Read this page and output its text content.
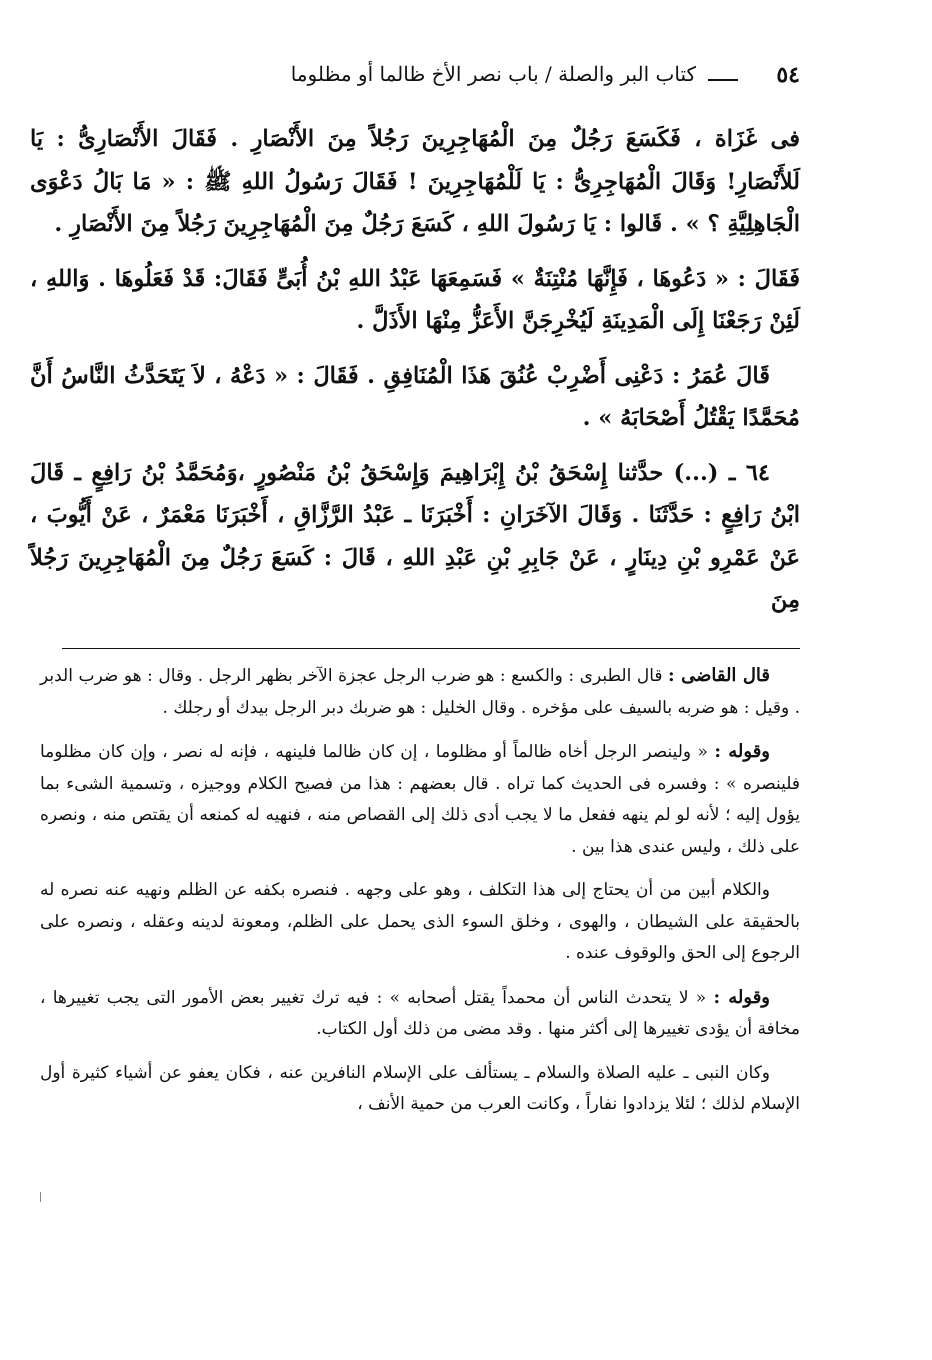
٥٤
كتاب البر والصلة / باب نصر الأخ ظالما أو مظلوما

فى غَزَاة ، فَكَسَعَ رَجُلٌ مِنَ الْمُهَاجِرِينَ رَجُلاً مِنَ الأَنْصَارِ . فَقَالَ الأَنْصَارِىُّ : يَا لَلأَنْصَارِ! وَقَالَ الْمُهَاجِرِىُّ : يَا لَلْمُهَاجِرِينَ ! فَقَالَ رَسُولُ اللهِ ﷺ : « مَا بَالُ دَعْوَى الْجَاهِلِيَّةِ ؟ » . قَالوا : يَا رَسُولَ اللهِ ، كَسَعَ رَجُلٌ مِنَ الْمُهَاجِرِينَ رَجُلاً مِنَ الأَنْصَارِ .

فَقَالَ : « دَعُوهَا ، فَإِنَّهَا مُنْتِنَةٌ » فَسَمِعَهَا عَبْدُ اللهِ بْنُ أُبَىٍّ فَقَالَ: قَدْ فَعَلُوهَا . وَاللهِ ، لَئِنْ رَجَعْنَا إِلَى الْمَدِينَةِ لَيُخْرِجَنَّ الأَعَزُّ مِنْهَا الأَذَلَّ .

قَالَ عُمَرُ : دَعْنِى أَضْرِبْ عُنُقَ هَذَا الْمُنَافِقِ . فَقَالَ : « دَعْهُ ، لاَ يَتَحَدَّثُ النَّاسُ أَنَّ مُحَمَّدًا يَقْتُلُ أَصْحَابَهُ » .

٦٤ ـ (...) حدَّثنا إِسْحَقُ بْنُ إِبْرَاهِيمَ وَإِسْحَقُ بْنُ مَنْصُورٍ ،وَمُحَمَّدُ بْنُ رَافِعٍ ـ قَالَ ابْنُ رَافِعٍ : حَدَّثَنَا . وَقَالَ الآخَرَانِ : أَخْبَرَنَا ـ عَبْدُ الرَّزَّاقِ ، أَخْبَرَنَا مَعْمَرٌ ، عَنْ أَيُّوبَ ، عَنْ عَمْرِو بْنِ دِينَارٍ ، عَنْ جَابِرِ بْنِ عَبْدِ اللهِ ، قَالَ : كَسَعَ رَجُلٌ مِنَ الْمُهَاجِرِينَ رَجُلاً مِنَ

قال القاضى : قال الطبرى : والكسع : هو ضرب الرجل عجزة الآخر بظهر الرجل . وقال : هو ضرب الدبر . وقيل : هو ضربه بالسيف على مؤخره . وقال الخليل : هو ضربك دبر الرجل بيدك أو رجلك .

وقوله : « ولينصر الرجل أخاه ظالماً أو مظلوما ، إن كان ظالما فلينهه ، فإنه له نصر ، وإن كان مظلوما فلينصره » : وفسره فى الحديث كما تراه . قال بعضهم : هذا من فصيح الكلام ووجيزه ، وتسمية الشىء بما يؤول إليه ؛ لأنه لو لم ينهه ففعل ما لا يجب أدى ذلك إلى القصاص منه ، فنهيه له كمنعه أن يقتص منه ، ونصره على ذلك ، وليس عندى هذا بين .

والكلام أبين من أن يحتاج إلى هذا التكلف ، وهو على وجهه . فنصره بكفه عن الظلم ونهيه عنه نصره له بالحقيقة على الشيطان ، والهوى ، وخلق السوء الذى يحمل على الظلم، ومعونة لدينه وعقله ، ونصره على الرجوع إلى الحق والوقوف عنده .

وقوله : « لا يتحدث الناس أن محمداً يقتل أصحابه » : فيه ترك تغيير بعض الأمور التى يجب تغييرها ، مخافة أن يؤدى تغييرها إلى أكثر منها . وقد مضى من ذلك أول الكتاب.

وكان النبى ـ عليه الصلاة والسلام ـ يستألف على الإسلام النافرين عنه ، فكان يعفو عن أشياء كثيرة أول الإسلام لذلك ؛ لئلا يزدادوا نفاراً ، وكانت العرب من حمية الأنف ،
